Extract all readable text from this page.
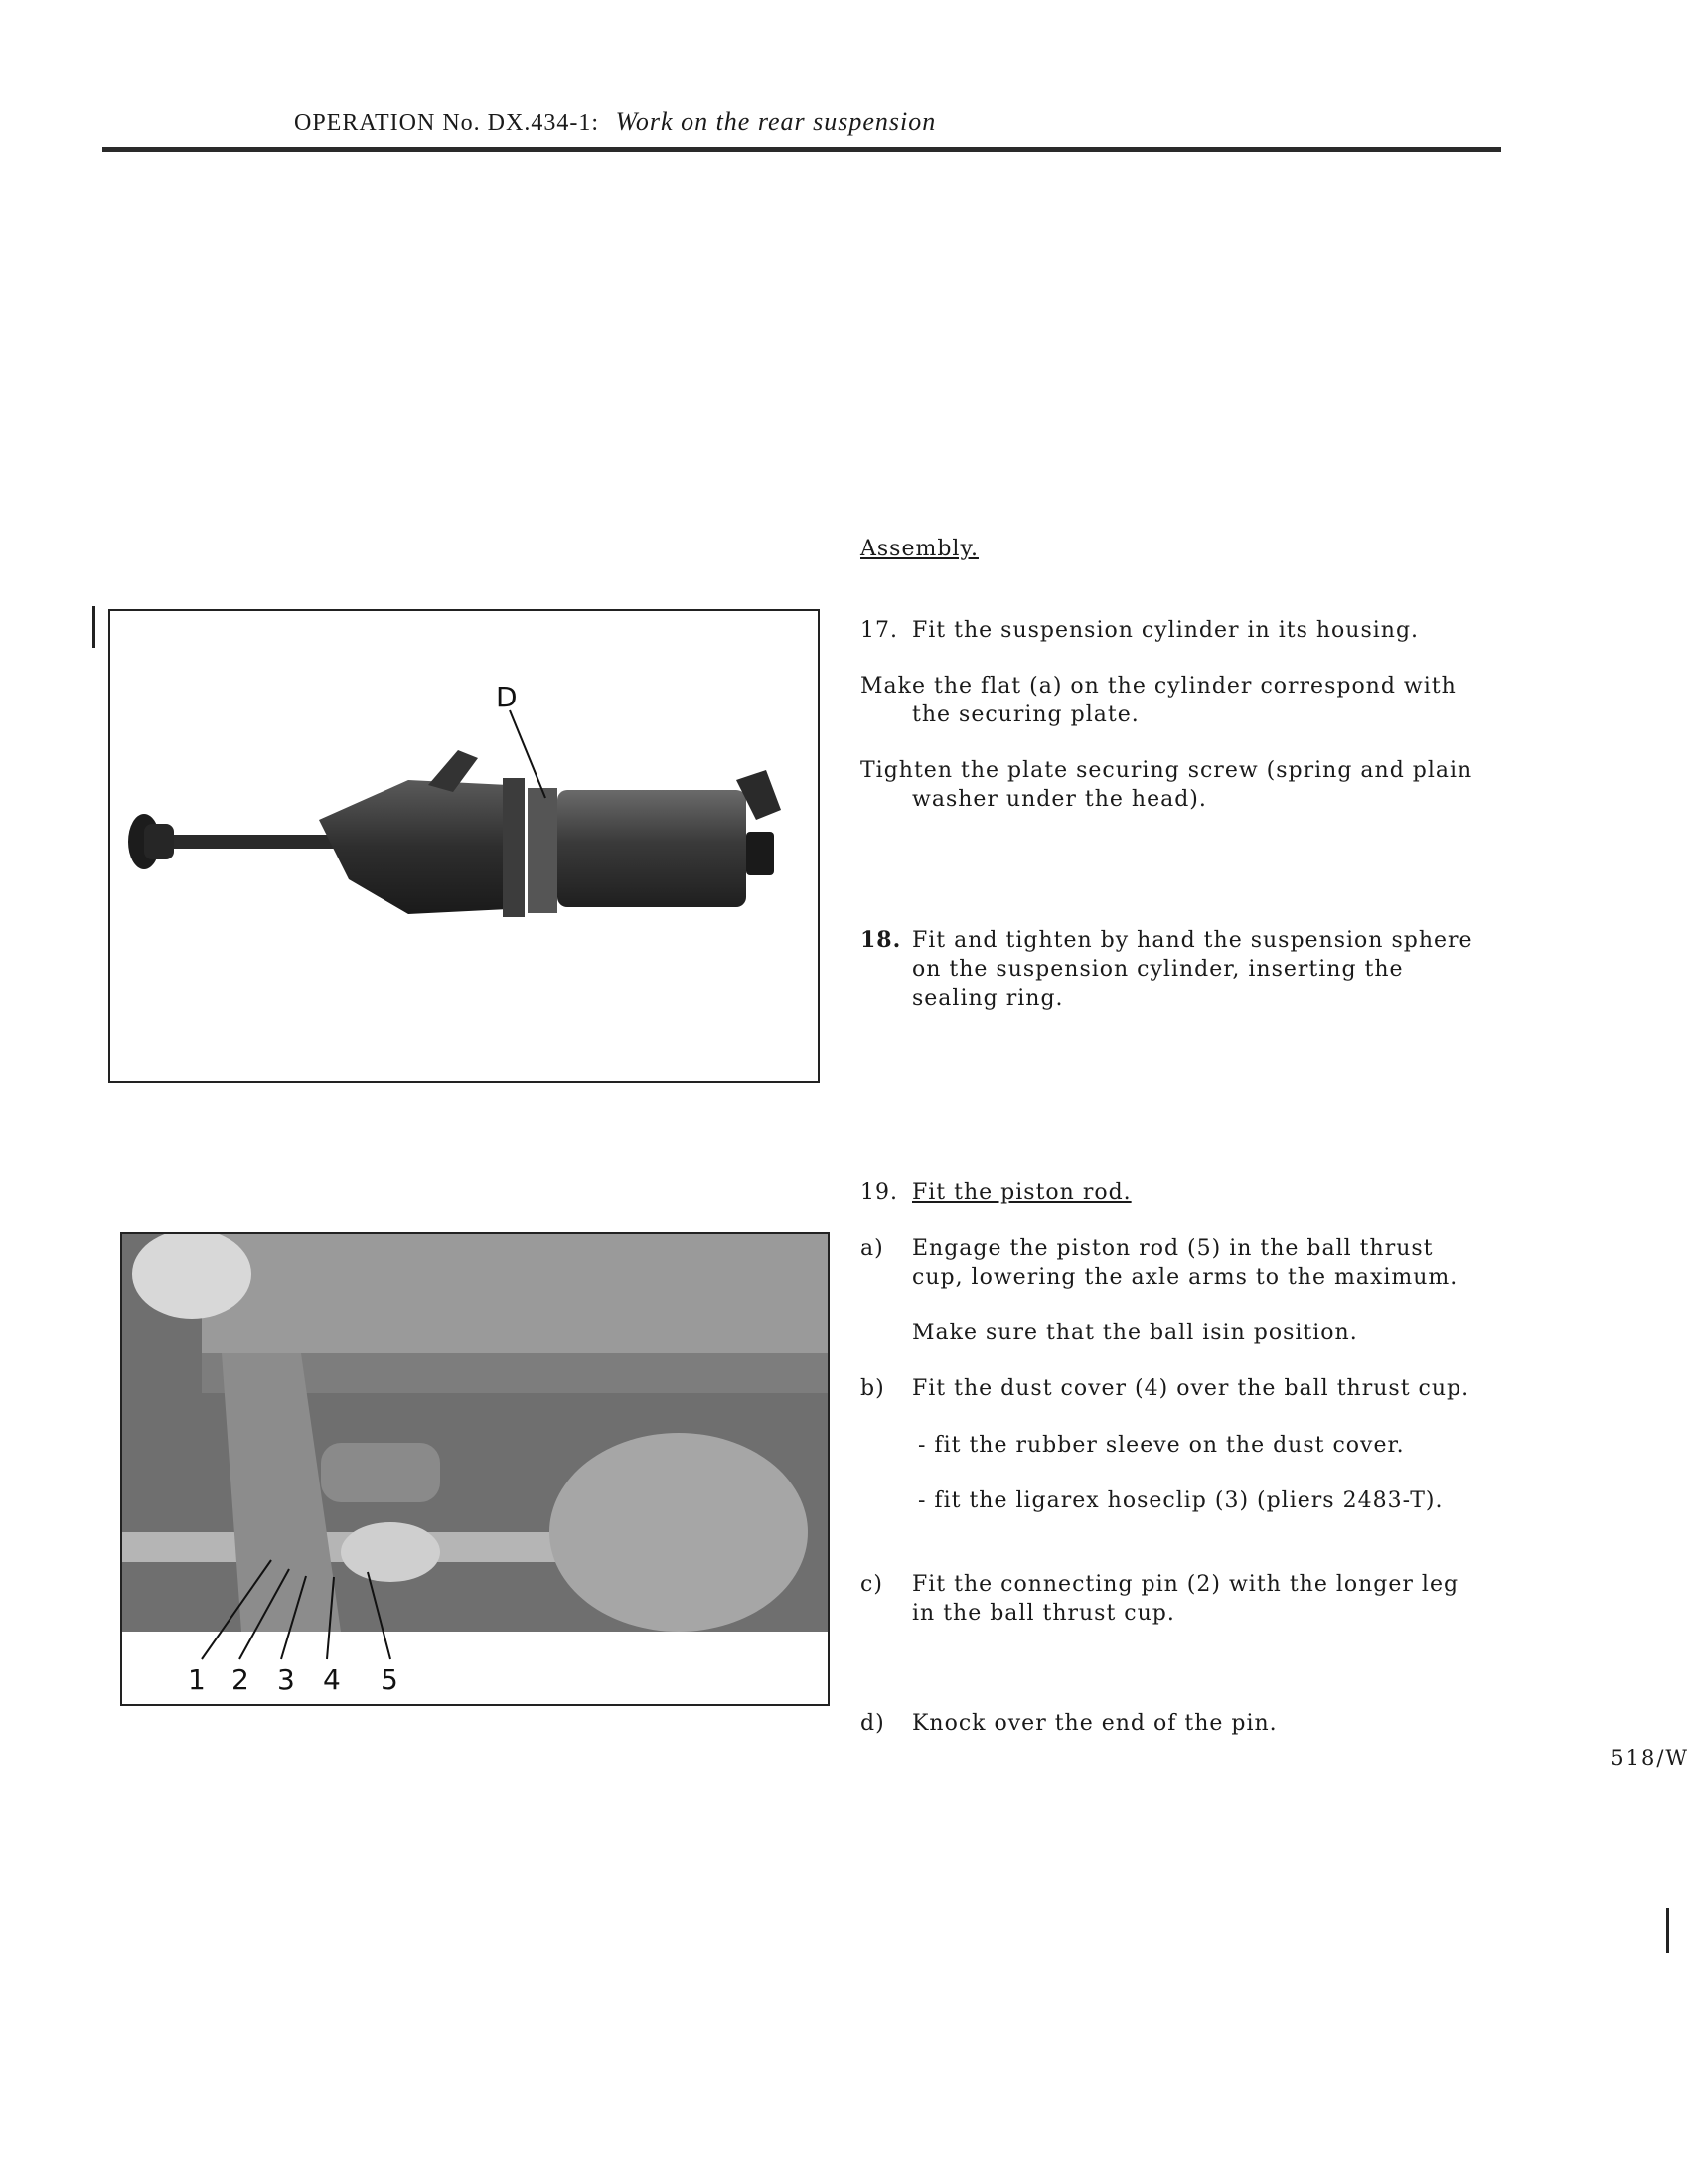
OPERATION No. DX.434-1: Work on the rear suspension
Assembly.
17. Fit the suspension cylinder in its housing.
Make the flat (a) on the cylinder correspond with
the securing plate.
Tighten the plate securing screw (spring and plain
washer under the head).
18. Fit and tighten by hand the suspension sphere
on the suspension cylinder, inserting the
sealing ring.
19. Fit the piston rod.
a) Engage the piston rod (5) in the ball thrust
cup, lowering the axle arms to the maximum.
Make sure that the ball isin position.
b) Fit the dust cover (4) over the ball thrust cup.
- fit the rubber sleeve on the dust cover.
- fit the ligarex hoseclip (3) (pliers 2483-T).
c) Fit the connecting pin (2) with the longer leg
in the ball thrust cup.
d) Knock over the end of the pin.
518/W
D
1 2 3 4 5
